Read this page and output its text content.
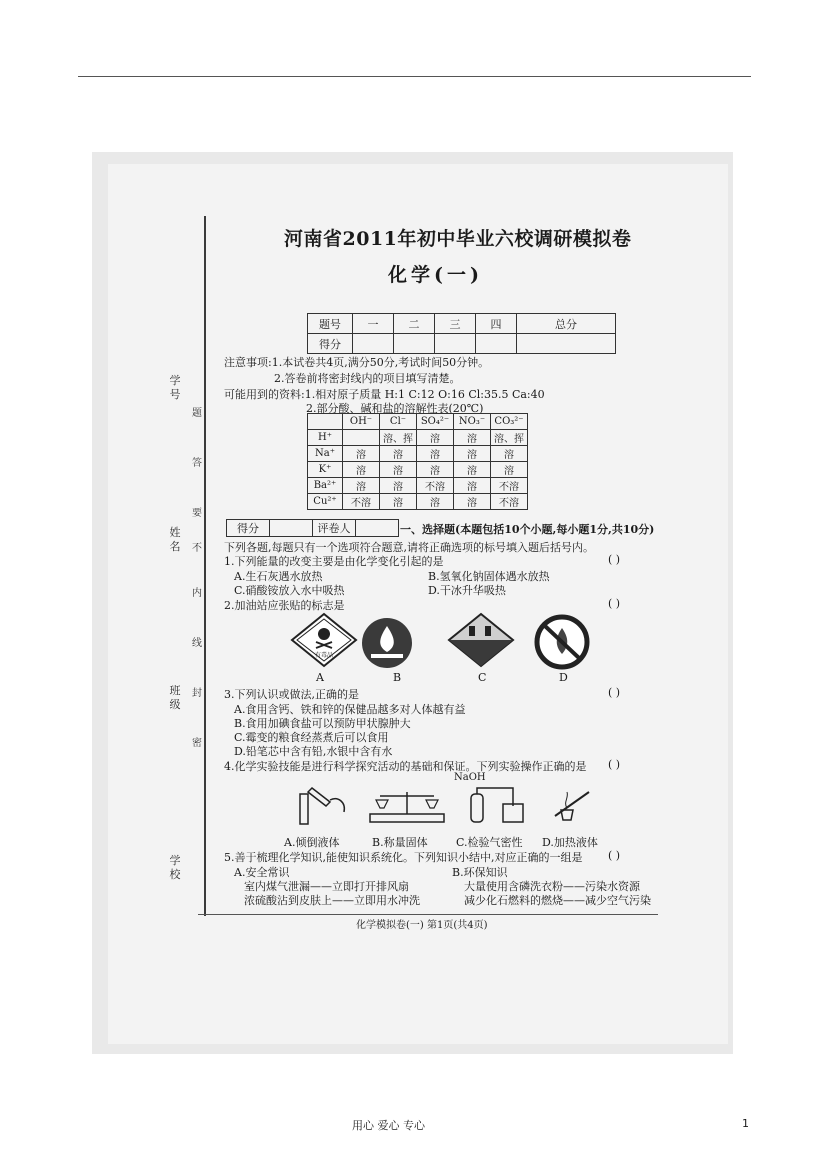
学号
姓名
班级
学校
题
答
要
不
内
线
封
密
河南省2011年初中毕业六校调研模拟卷
化学(一)
题号	一	二	三	四	总分
得分					
注意事项:1.本试卷共4页,满分50分,考试时间50分钟。
2.答卷前将密封线内的项目填写清楚。
可能用到的资料:1.相对原子质量 H:1 C:12 O:16 Cl:35.5 Ca:40
2.部分酸、碱和盐的溶解性表(20℃)
	OH⁻	Cl⁻	SO₄²⁻	NO₃⁻	CO₃²⁻
H⁺		溶、挥	溶	溶	溶、挥
Na⁺	溶	溶	溶	溶	溶
K⁺	溶	溶	溶	溶	溶
Ba²⁺	溶	溶	不溶	溶	不溶
Cu²⁺	不溶	溶	溶	溶	不溶
得分		评卷人		一、选择题(本题包括10个小题,每小题1分,共10分)
下列各题,每题只有一个选项符合题意,请将正确选项的标号填入题后括号内。
1.下列能量的改变主要是由化学变化引起的是	( )
A.生石灰遇水放热	B.氢氧化钠固体遇水放热
C.硝酸铵放入水中吸热	D.干冰升华吸热
2.加油站应张贴的标志是	( )
有毒品
A	B	C	D
3.下列认识或做法,正确的是	( )
A.食用含钙、铁和锌的保健品越多对人体越有益
B.食用加碘食盐可以预防甲状腺肿大
C.霉变的粮食经蒸煮后可以食用
D.铅笔芯中含有铅,水银中含有水
4.化学实验技能是进行科学探究活动的基础和保证。下列实验操作正确的是 ( )
NaOH
A.倾倒液体	B.称量固体	C.检验气密性 D.加热液体
5.善于梳理化学知识,能使知识系统化。下列知识小结中,对应正确的一组是 ( )
A.安全常识	B.环保知识
室内煤气泄漏——立即打开排风扇
浓硫酸沾到皮肤上——立即用水冲洗
大量使用含磷洗衣粉——污染水资源
减少化石燃料的燃烧——减少空气污染
化学模拟卷(一) 第1页(共4页)
用心 爱心 专心	1
